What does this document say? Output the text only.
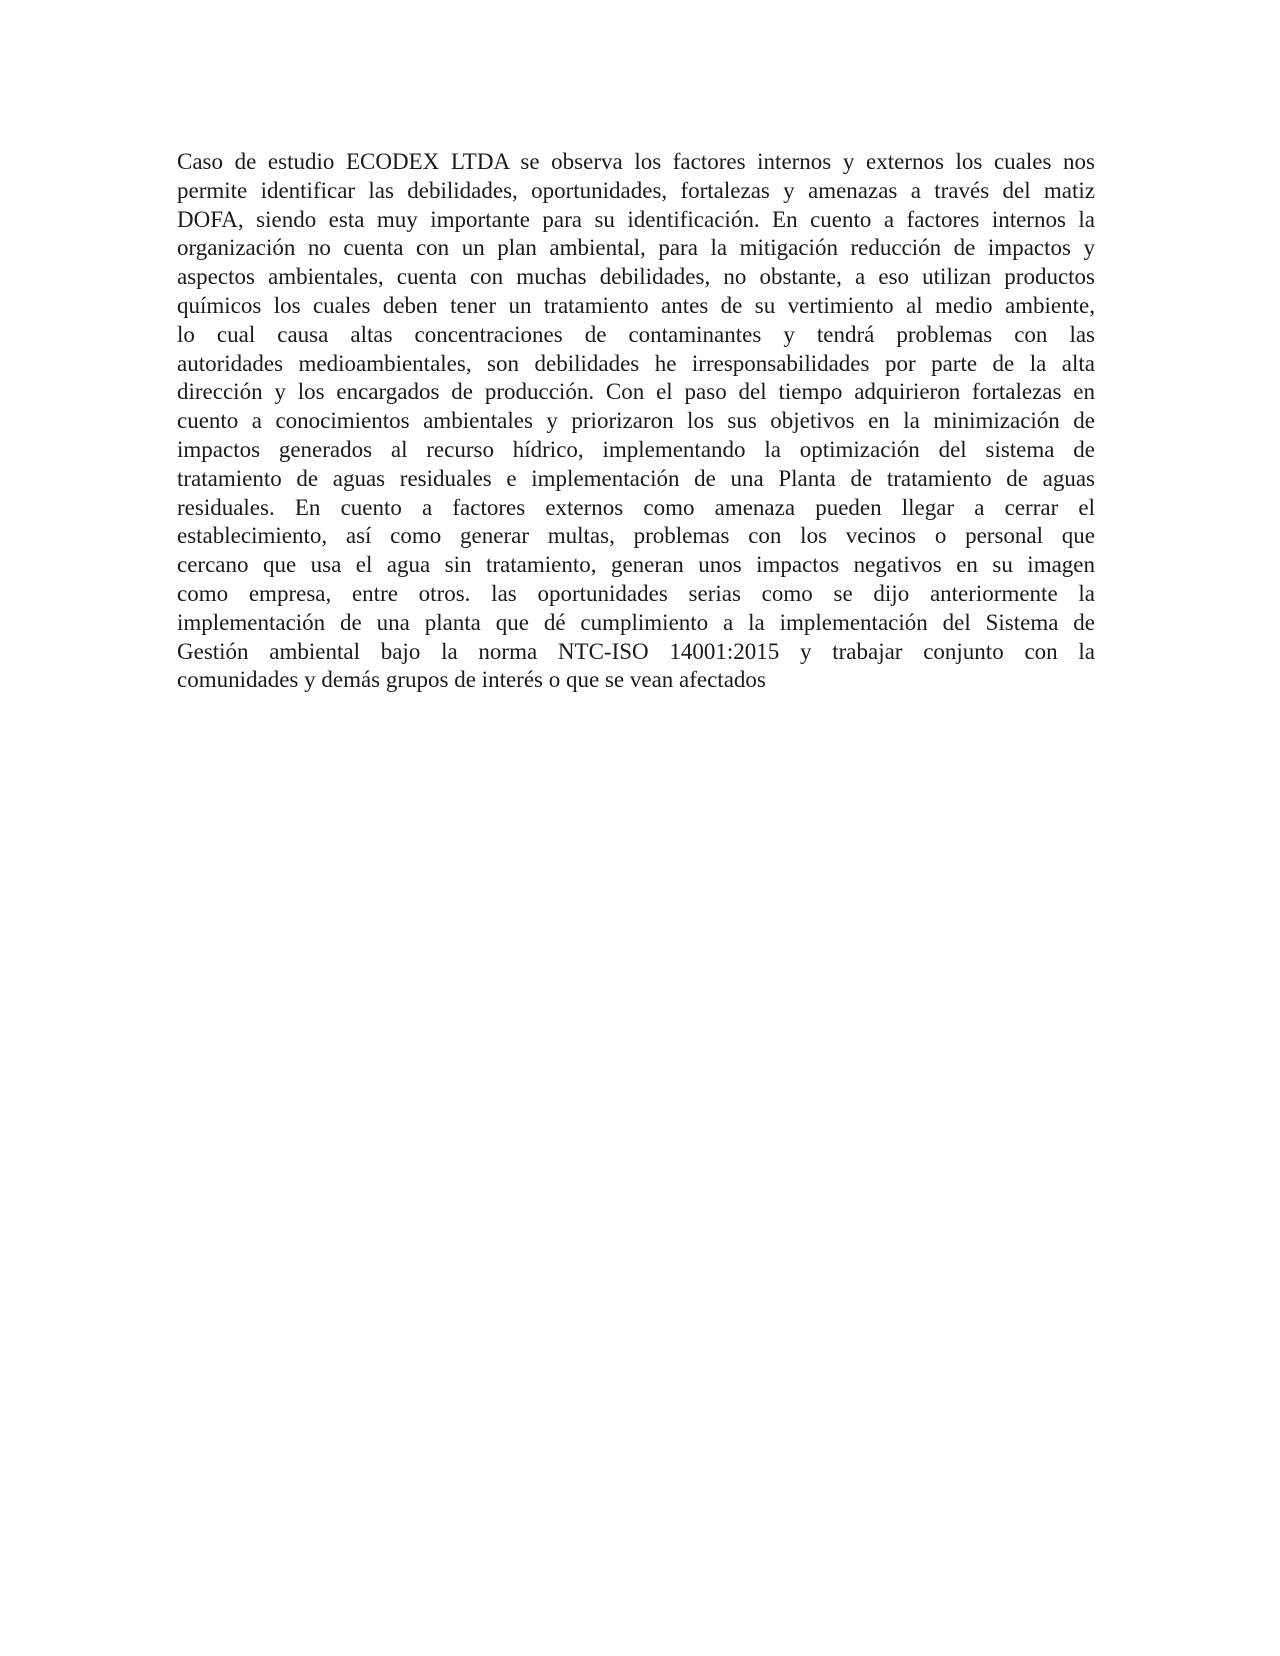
Caso de estudio ECODEX LTDA se observa los factores internos y externos los cuales nos
permite identificar las debilidades, oportunidades, fortalezas y amenazas a través del matiz
DOFA, siendo esta muy importante para su identificación. En cuento a factores internos la
organización no cuenta con un plan ambiental, para la mitigación reducción de impactos y
aspectos ambientales, cuenta con muchas debilidades, no obstante, a eso utilizan productos
químicos los cuales deben tener un tratamiento antes de su vertimiento al medio ambiente,
lo cual causa altas concentraciones de contaminantes y tendrá problemas con las
autoridades medioambientales, son debilidades he irresponsabilidades por parte de la alta
dirección y los encargados de producción. Con el paso del tiempo adquirieron fortalezas en
cuento a conocimientos ambientales y priorizaron los sus objetivos en la minimización de
impactos generados al recurso hídrico, implementando la optimización del sistema de
tratamiento de aguas residuales e implementación de una Planta de tratamiento de aguas
residuales. En cuento a factores externos como amenaza pueden llegar a cerrar el
establecimiento, así como generar multas, problemas con los vecinos o personal que
cercano que usa el agua sin tratamiento, generan unos impactos negativos en su imagen
como empresa, entre otros. las oportunidades serias como se dijo anteriormente la
implementación de una planta que dé cumplimiento a la implementación del Sistema de
Gestión ambiental bajo la norma NTC-ISO 14001:2015 y trabajar conjunto con la
comunidades y demás grupos de interés o que se vean afectados
